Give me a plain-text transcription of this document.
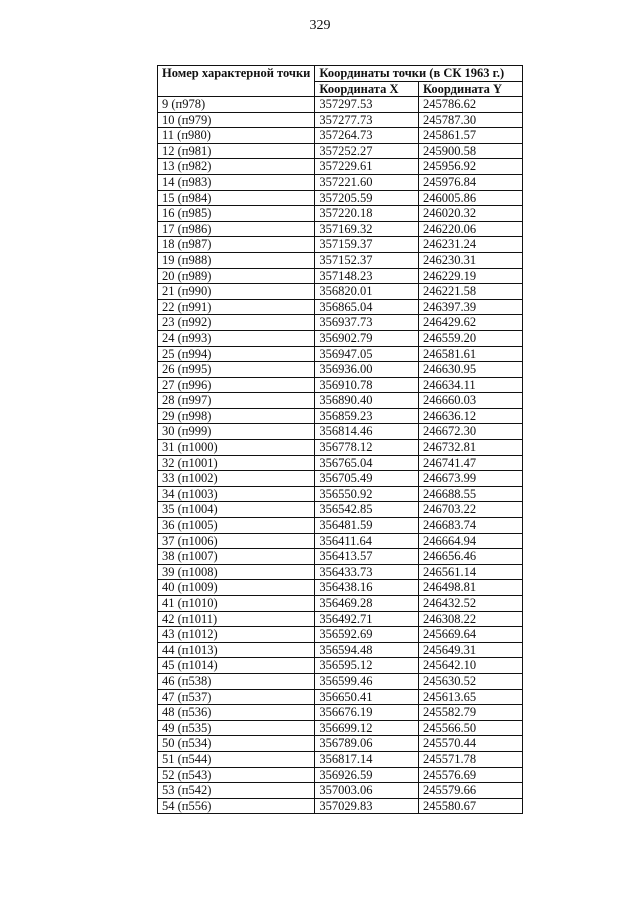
329
Номер характерной точки	Координаты точки (в СК 1963 г.)	
	Координата X	Координата Y
9 (п978)	357297.53	245786.62
10 (п979)	357277.73	245787.30
11 (п980)	357264.73	245861.57
12 (п981)	357252.27	245900.58
13 (п982)	357229.61	245956.92
14 (п983)	357221.60	245976.84
15 (п984)	357205.59	246005.86
16 (п985)	357220.18	246020.32
17 (п986)	357169.32	246220.06
18 (п987)	357159.37	246231.24
19 (п988)	357152.37	246230.31
20 (п989)	357148.23	246229.19
21 (п990)	356820.01	246221.58
22 (п991)	356865.04	246397.39
23 (п992)	356937.73	246429.62
24 (п993)	356902.79	246559.20
25 (п994)	356947.05	246581.61
26 (п995)	356936.00	246630.95
27 (п996)	356910.78	246634.11
28 (п997)	356890.40	246660.03
29 (п998)	356859.23	246636.12
30 (п999)	356814.46	246672.30
31 (п1000)	356778.12	246732.81
32 (п1001)	356765.04	246741.47
33 (п1002)	356705.49	246673.99
34 (п1003)	356550.92	246688.55
35 (п1004)	356542.85	246703.22
36 (п1005)	356481.59	246683.74
37 (п1006)	356411.64	246664.94
38 (п1007)	356413.57	246656.46
39 (п1008)	356433.73	246561.14
40 (п1009)	356438.16	246498.81
41 (п1010)	356469.28	246432.52
42 (п1011)	356492.71	246308.22
43 (п1012)	356592.69	245669.64
44 (п1013)	356594.48	245649.31
45 (п1014)	356595.12	245642.10
46 (п538)	356599.46	245630.52
47 (п537)	356650.41	245613.65
48 (п536)	356676.19	245582.79
49 (п535)	356699.12	245566.50
50 (п534)	356789.06	245570.44
51 (п544)	356817.14	245571.78
52 (п543)	356926.59	245576.69
53 (п542)	357003.06	245579.66
54 (п556)	357029.83	245580.67
